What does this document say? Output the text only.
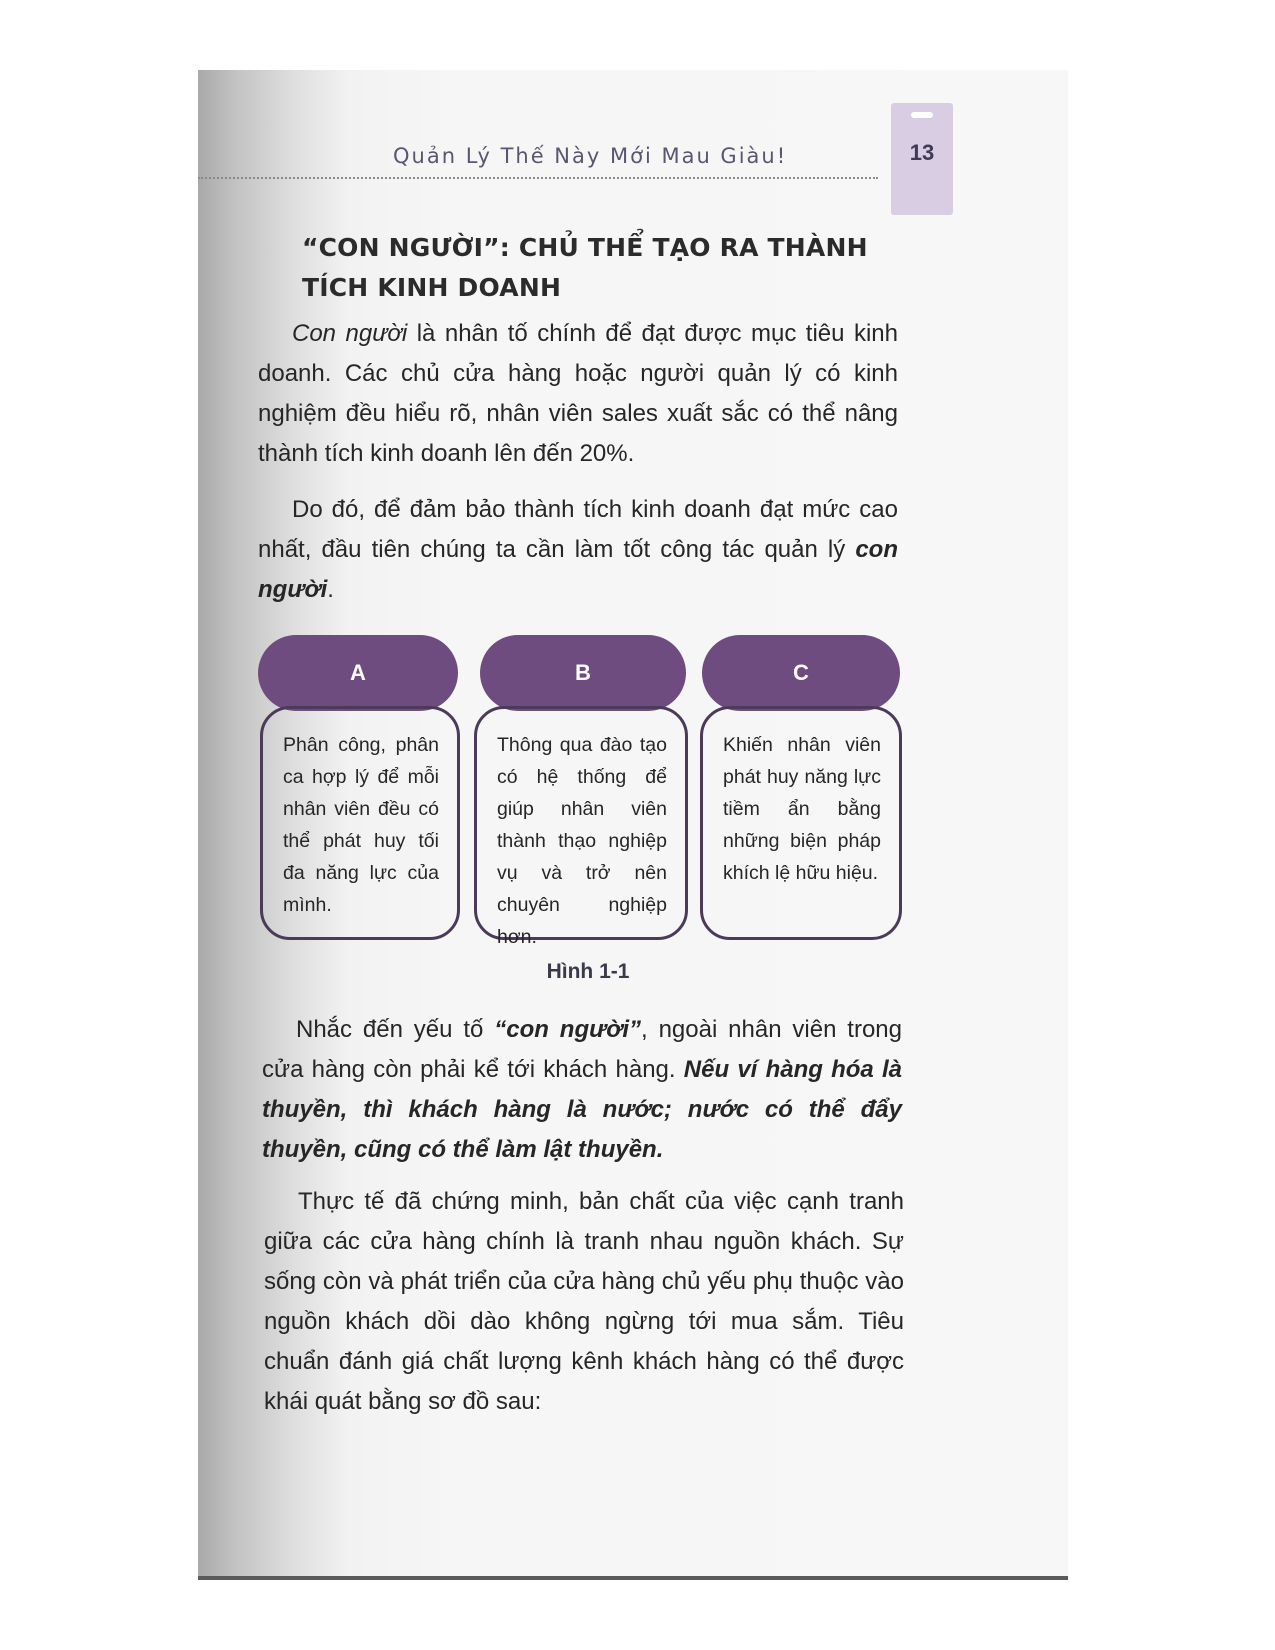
Quản Lý Thế Này Mới Mau Giàu!	13
“CON NGƯỜI”: CHỦ THỂ TẠO RA THÀNH TÍCH KINH DOANH

Con người là nhân tố chính để đạt được mục tiêu kinh doanh. Các chủ cửa hàng hoặc người quản lý có kinh nghiệm đều hiểu rõ, nhân viên sales xuất sắc có thể nâng thành tích kinh doanh lên đến 20%.

Do đó, để đảm bảo thành tích kinh doanh đạt mức cao nhất, đầu tiên chúng ta cần làm tốt công tác quản lý con người.

A	B	C
Phân công, phân ca hợp lý để mỗi nhân viên đều có thể phát huy tối đa năng lực của mình.
Thông qua đào tạo có hệ thống để giúp nhân viên thành thạo nghiệp vụ và trở nên chuyên nghiệp hơn.
Khiến nhân viên phát huy năng lực tiềm ẩn bằng những biện pháp khích lệ hữu hiệu.
Hình 1-1

Nhắc đến yếu tố “con người”, ngoài nhân viên trong cửa hàng còn phải kể tới khách hàng. Nếu ví hàng hóa là thuyền, thì khách hàng là nước; nước có thể đẩy thuyền, cũng có thể làm lật thuyền.

Thực tế đã chứng minh, bản chất của việc cạnh tranh giữa các cửa hàng chính là tranh nhau nguồn khách. Sự sống còn và phát triển của cửa hàng chủ yếu phụ thuộc vào nguồn khách dồi dào không ngừng tới mua sắm. Tiêu chuẩn đánh giá chất lượng kênh khách hàng có thể được khái quát bằng sơ đồ sau:
